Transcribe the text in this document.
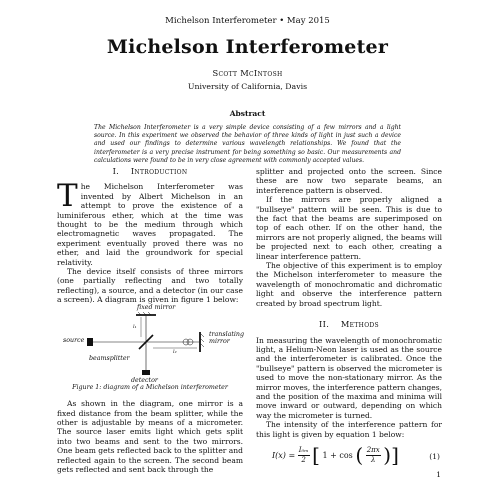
Michelson Interferometer • May 2015
Michelson Interferometer
Scott McIntosh
University of California, Davis
Abstract
The Michelson Interferometer is a very simple device consisting of a few mirrors and a light source. In this experiment we observed the behavior of three kinds of light in just such a device and used our findings to determine various wavelength relationships. We found that the interferometer is a very precise instrument for being something so basic. Our measurements and calculations were found to be in very close agreement with commonly accepted values.
I. Introduction

T he Michelson Interferometer was invented by Albert Michelson in an attempt to prove the existence of a luminiferous ether, which at the time was thought to be the medium through which electromagnetic waves propagated. The experiment eventually proved there was no ether, and laid the groundwork for special relativity.

The device itself consists of three mirrors (one partially reflecting and two totally reflecting), a source, and a detector (in our case a screen). A diagram is given in figure 1 below:

fixed mirror
source
beamsplitter
translating mirror
detector
l₁
l₂
Figure 1: diagram of a Michelson interferometer

As shown in the diagram, one mirror is a fixed distance from the beam splitter, while the other is adjustable by means of a micrometer. The source laser emits light which gets split into two beams and sent to the two mirrors. One beam gets reflected back to the splitter and reflected again to the screen. The second beam gets reflected and sent back through the

splitter and projected onto the screen. Since these are now two separate beams, an interference pattern is observed.

If the mirrors are properly aligned a "bullseye" pattern will be seen. This is due to the fact that the beams are superimposed on top of each other. If on the other hand, the mirrors are not properly aligned, the beams will be projected next to each other, creating a linear interference pattern.

The objective of this experiment is to employ the Michelson interferometer to measure the wavelength of monochromatic and dichromatic light and observe the interference pattern created by broad spectrum light.

II. Methods

In measuring the wavelength of monochromatic light, a Helium-Neon laser is used as the source and the interferometer is calibrated. Once the "bullseye" pattern is observed the micrometer is used to move the non-stationary mirror. As the mirror moves, the interference pattern changes, and the position of the maxima and minima will move inward or outward, depending on which way the micrometer is turned.

The intensity of the interference pattern for this light is given by equation 1 below:

$I(x) = \frac{\text{I₀ₘ}}{2}$ [ 1 + cos ( $\frac{2\pi x}{\lambda}$ )]	(1)
1
